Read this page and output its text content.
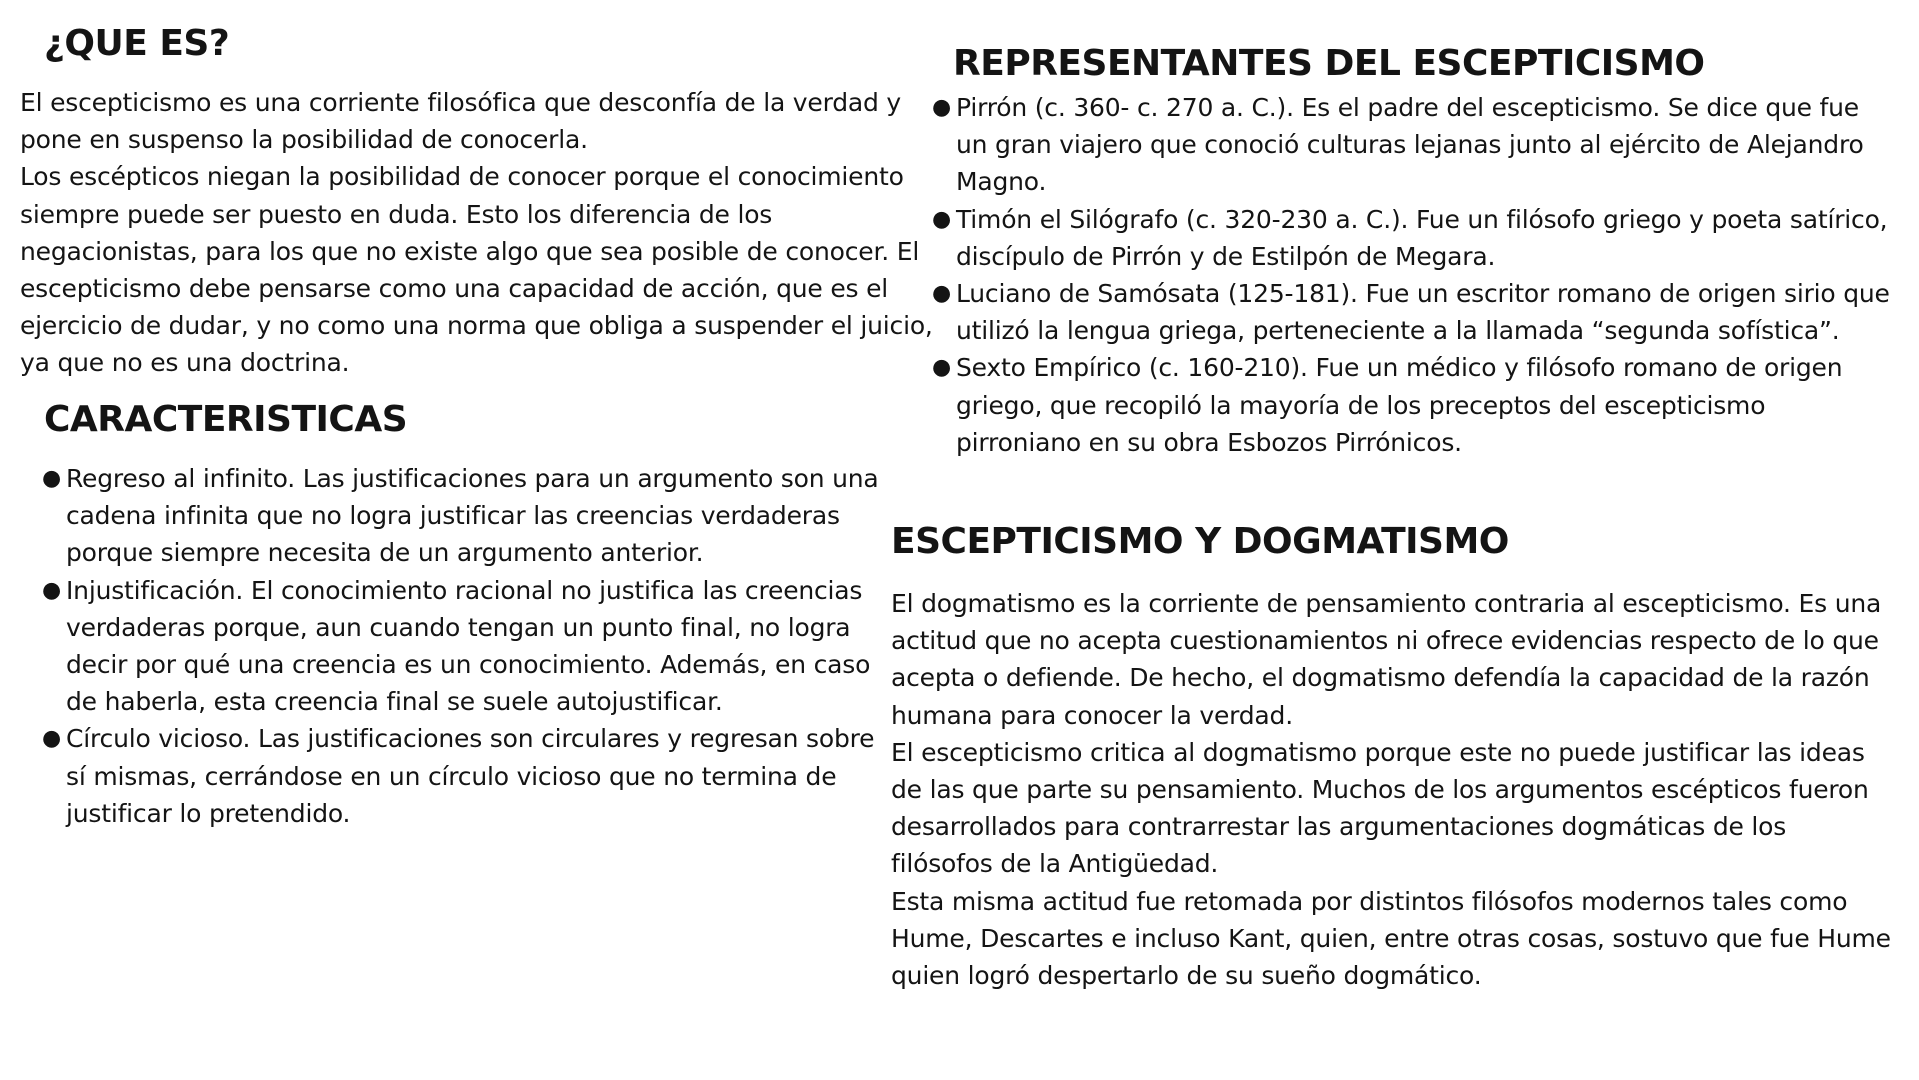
¿QUE ES?

El escepticismo es una corriente filosófica que desconfía de la verdad y pone en suspenso la posibilidad de conocerla.

Los escépticos niegan la posibilidad de conocer porque el conocimiento siempre puede ser puesto en duda. Esto los diferencia de los negacionistas, para los que no existe algo que sea posible de conocer. El escepticismo debe pensarse como una capacidad de acción, que es el ejercicio de dudar, y no como una norma que obliga a suspender el juicio, ya que no es una doctrina.

CARACTERISTICAS
● Regreso al infinito. Las justificaciones para un argumento son una cadena infinita que no logra justificar las creencias verdaderas porque siempre necesita de un argumento anterior.
● Injustificación. El conocimiento racional no justifica las creencias verdaderas porque, aun cuando tengan un punto final, no logra decir por qué una creencia es un conocimiento. Además, en caso de haberla, esta creencia final se suele autojustificar.
● Círculo vicioso. Las justificaciones son circulares y regresan sobre sí mismas, cerrándose en un círculo vicioso que no termina de justificar lo pretendido.
REPRESENTANTES DEL ESCEPTICISMO
● Pirrón (c. 360- c. 270 a. C.). Es el padre del escepticismo. Se dice que fue un gran viajero que conoció culturas lejanas junto al ejército de Alejandro Magno.
● Timón el Silógrafo (c. 320-230 a. C.). Fue un filósofo griego y poeta satírico, discípulo de Pirrón y de Estilpón de Megara.
● Luciano de Samósata (125-181). Fue un escritor romano de origen sirio que utilizó la lengua griega, perteneciente a la llamada “segunda sofística”.
● Sexto Empírico (c. 160-210). Fue un médico y filósofo romano de origen griego, que recopiló la mayoría de los preceptos del escepticismo pirroniano en su obra Esbozos Pirrónicos.
ESCEPTICISMO Y DOGMATISMO

El dogmatismo es la corriente de pensamiento contraria al escepticismo. Es una actitud que no acepta cuestionamientos ni ofrece evidencias respecto de lo que acepta o defiende. De hecho, el dogmatismo defendía la capacidad de la razón humana para conocer la verdad.

El escepticismo critica al dogmatismo porque este no puede justificar las ideas de las que parte su pensamiento. Muchos de los argumentos escépticos fueron desarrollados para contrarrestar las argumentaciones dogmáticas de los filósofos de la Antigüedad.

Esta misma actitud fue retomada por distintos filósofos modernos tales como Hume, Descartes e incluso Kant, quien, entre otras cosas, sostuvo que fue Hume quien logró despertarlo de su sueño dogmático.
